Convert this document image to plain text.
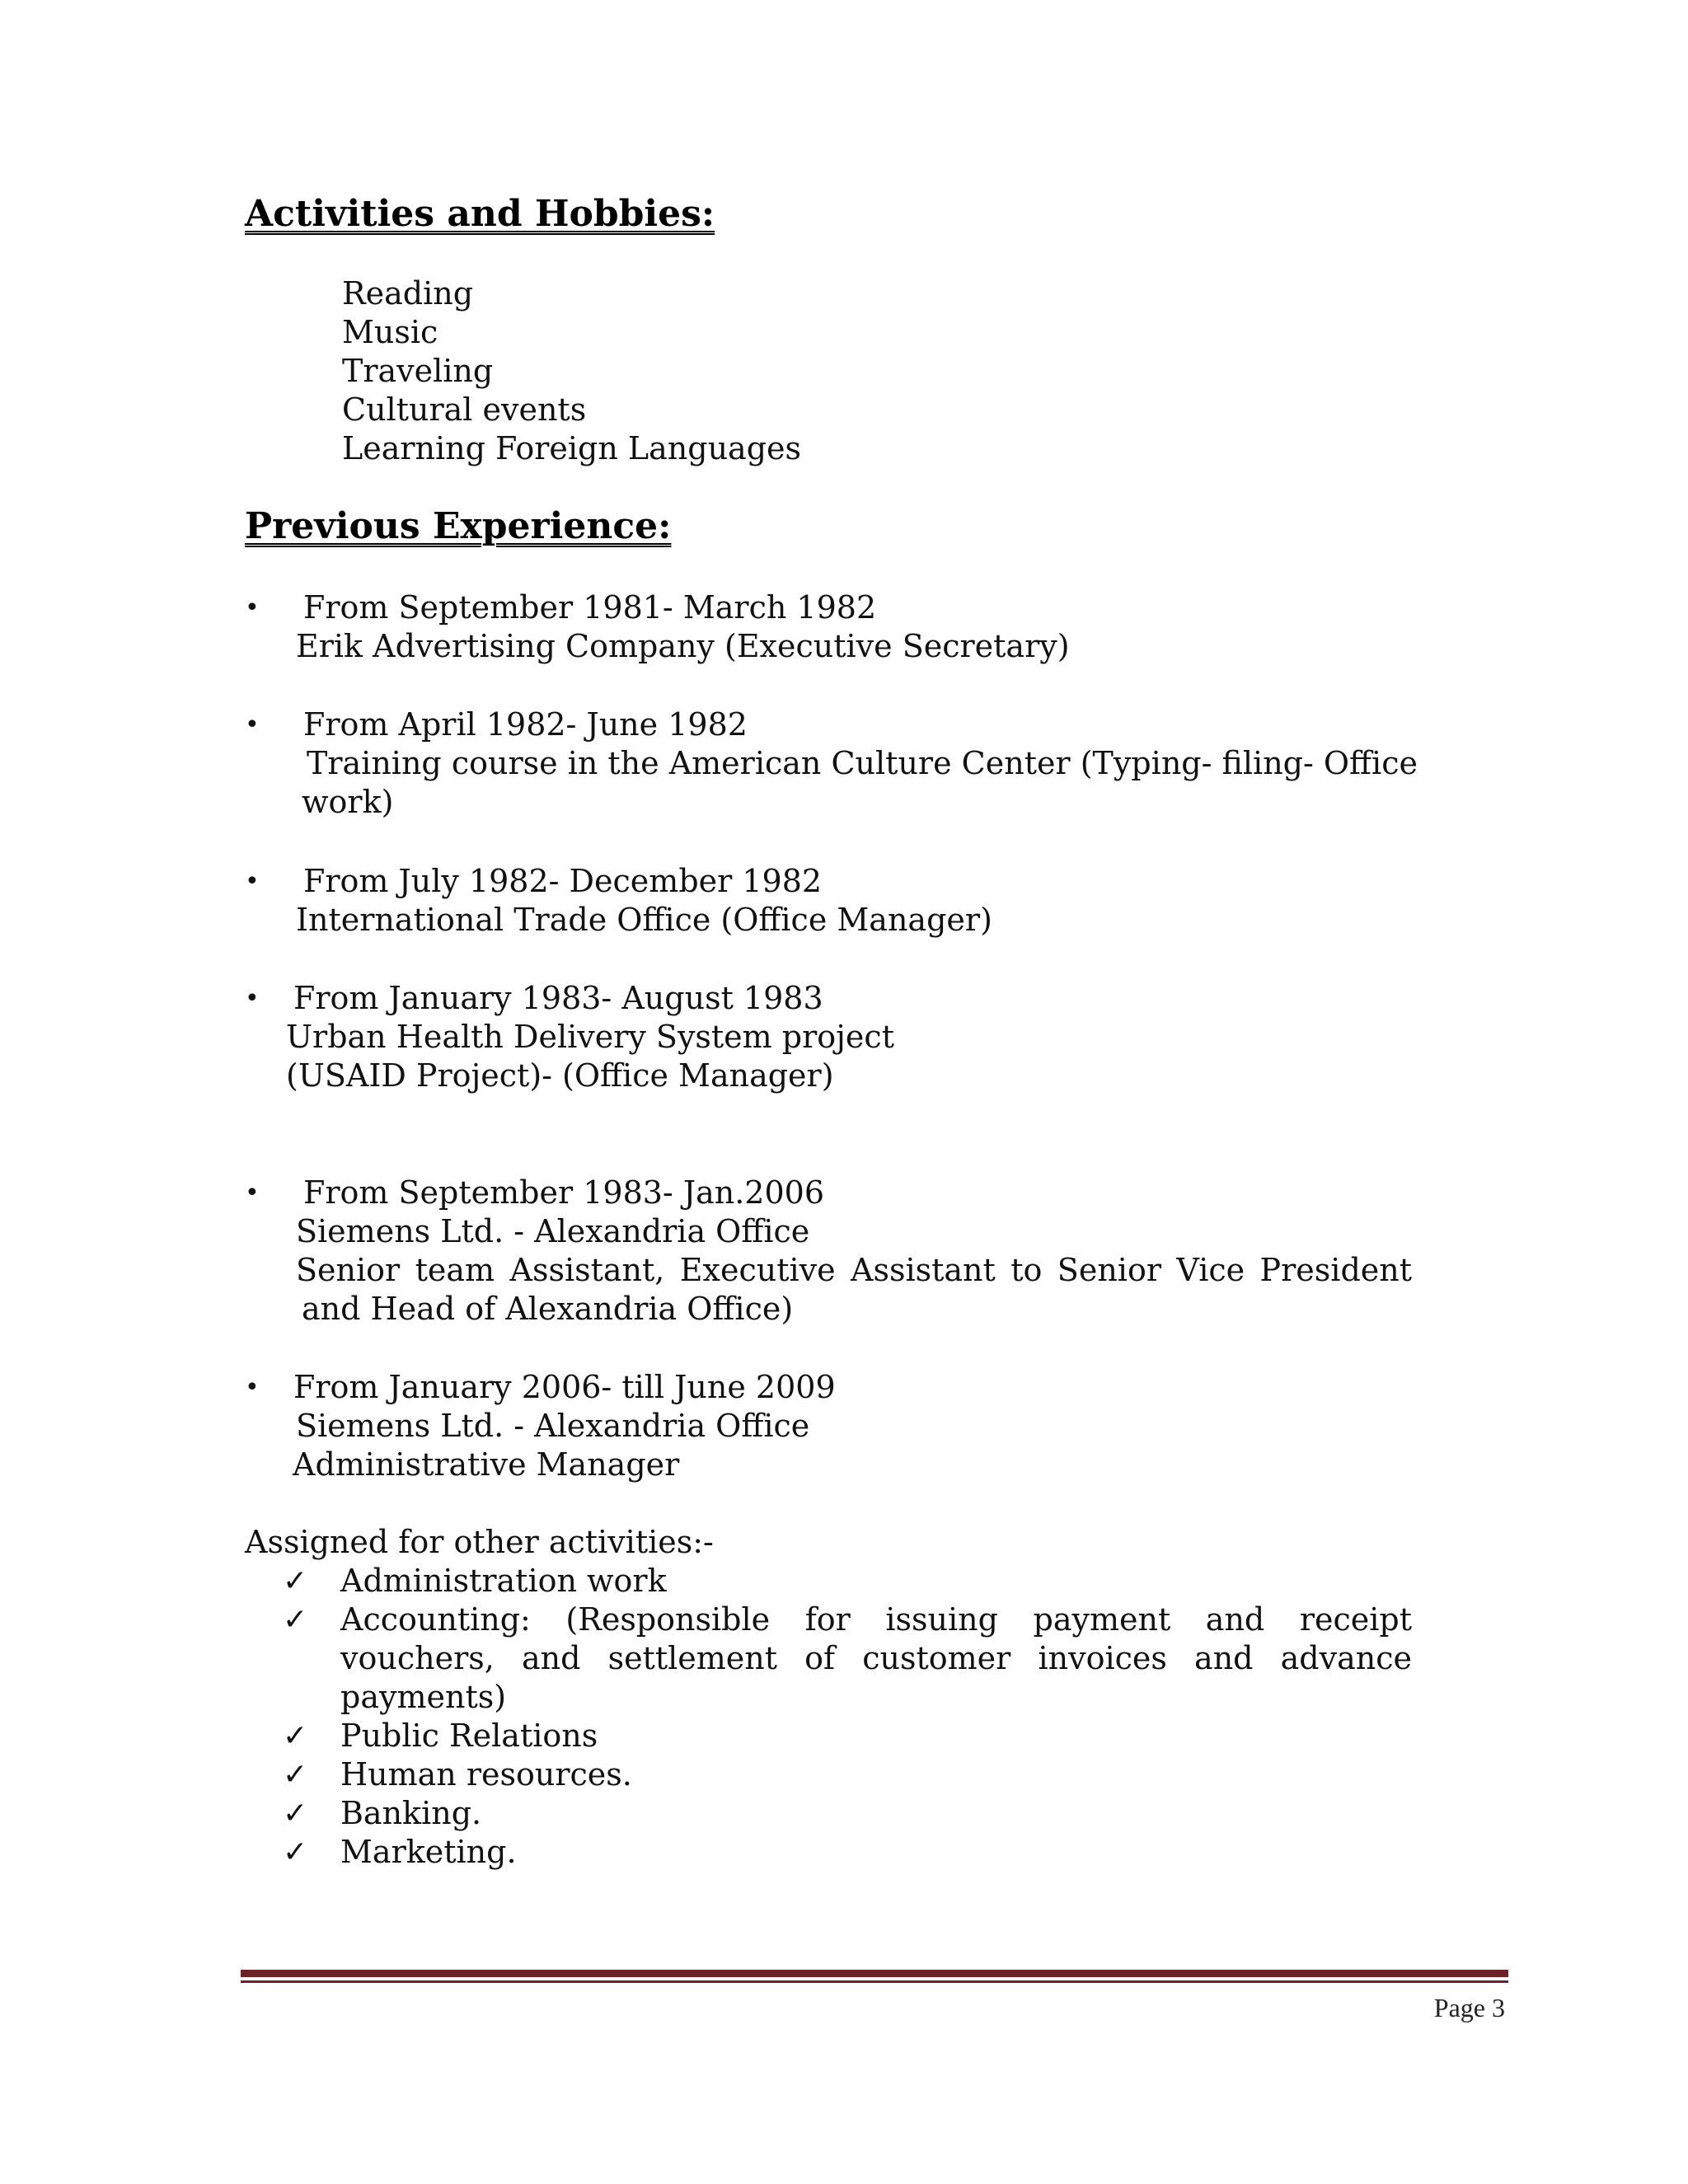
Activities and Hobbies:
Reading
Music
Traveling
Cultural events
Learning Foreign Languages
Previous Experience:
• From September 1981- March 1982
Erik Advertising Company (Executive Secretary)
• From April 1982- June 1982
Training course in the American Culture Center (Typing- filing- Office
work)
• From July 1982- December 1982
International Trade Office (Office Manager)
• From January 1983- August 1983
Urban Health Delivery System project
(USAID Project)- (Office Manager)
• From September 1983- Jan.2006
Siemens Ltd. - Alexandria Office
Senior team Assistant, Executive Assistant to Senior Vice President
and Head of Alexandria Office)
• From January 2006- till June 2009
Siemens Ltd. - Alexandria Office
Administrative Manager
Assigned for other activities:-
✓ Administration work
✓ Accounting: (Responsible for issuing payment and receipt vouchers, and settlement of customer invoices and advance payments)
✓ Public Relations
✓ Human resources.
✓ Banking.
✓ Marketing.
Page 3
